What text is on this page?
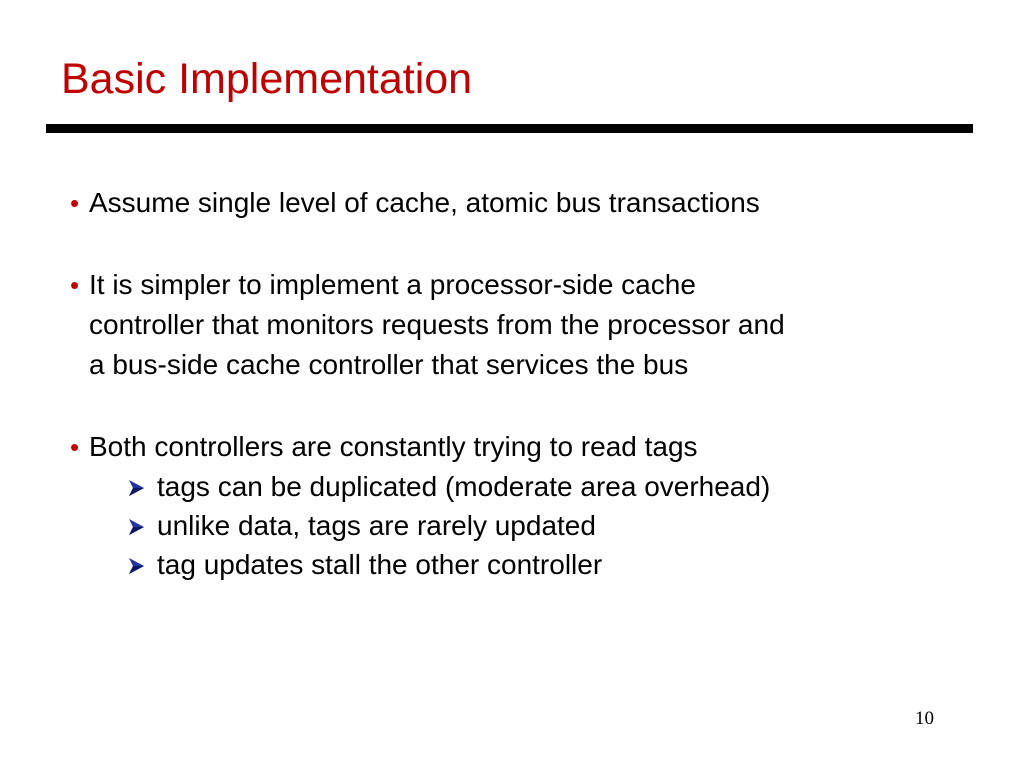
Basic Implementation
• Assume single level of cache, atomic bus transactions
• It is simpler to implement a processor-side cache
controller that monitors requests from the processor and
a bus-side cache controller that services the bus
• Both controllers are constantly trying to read tags
tags can be duplicated (moderate area overhead)
unlike data, tags are rarely updated
tag updates stall the other controller
10
